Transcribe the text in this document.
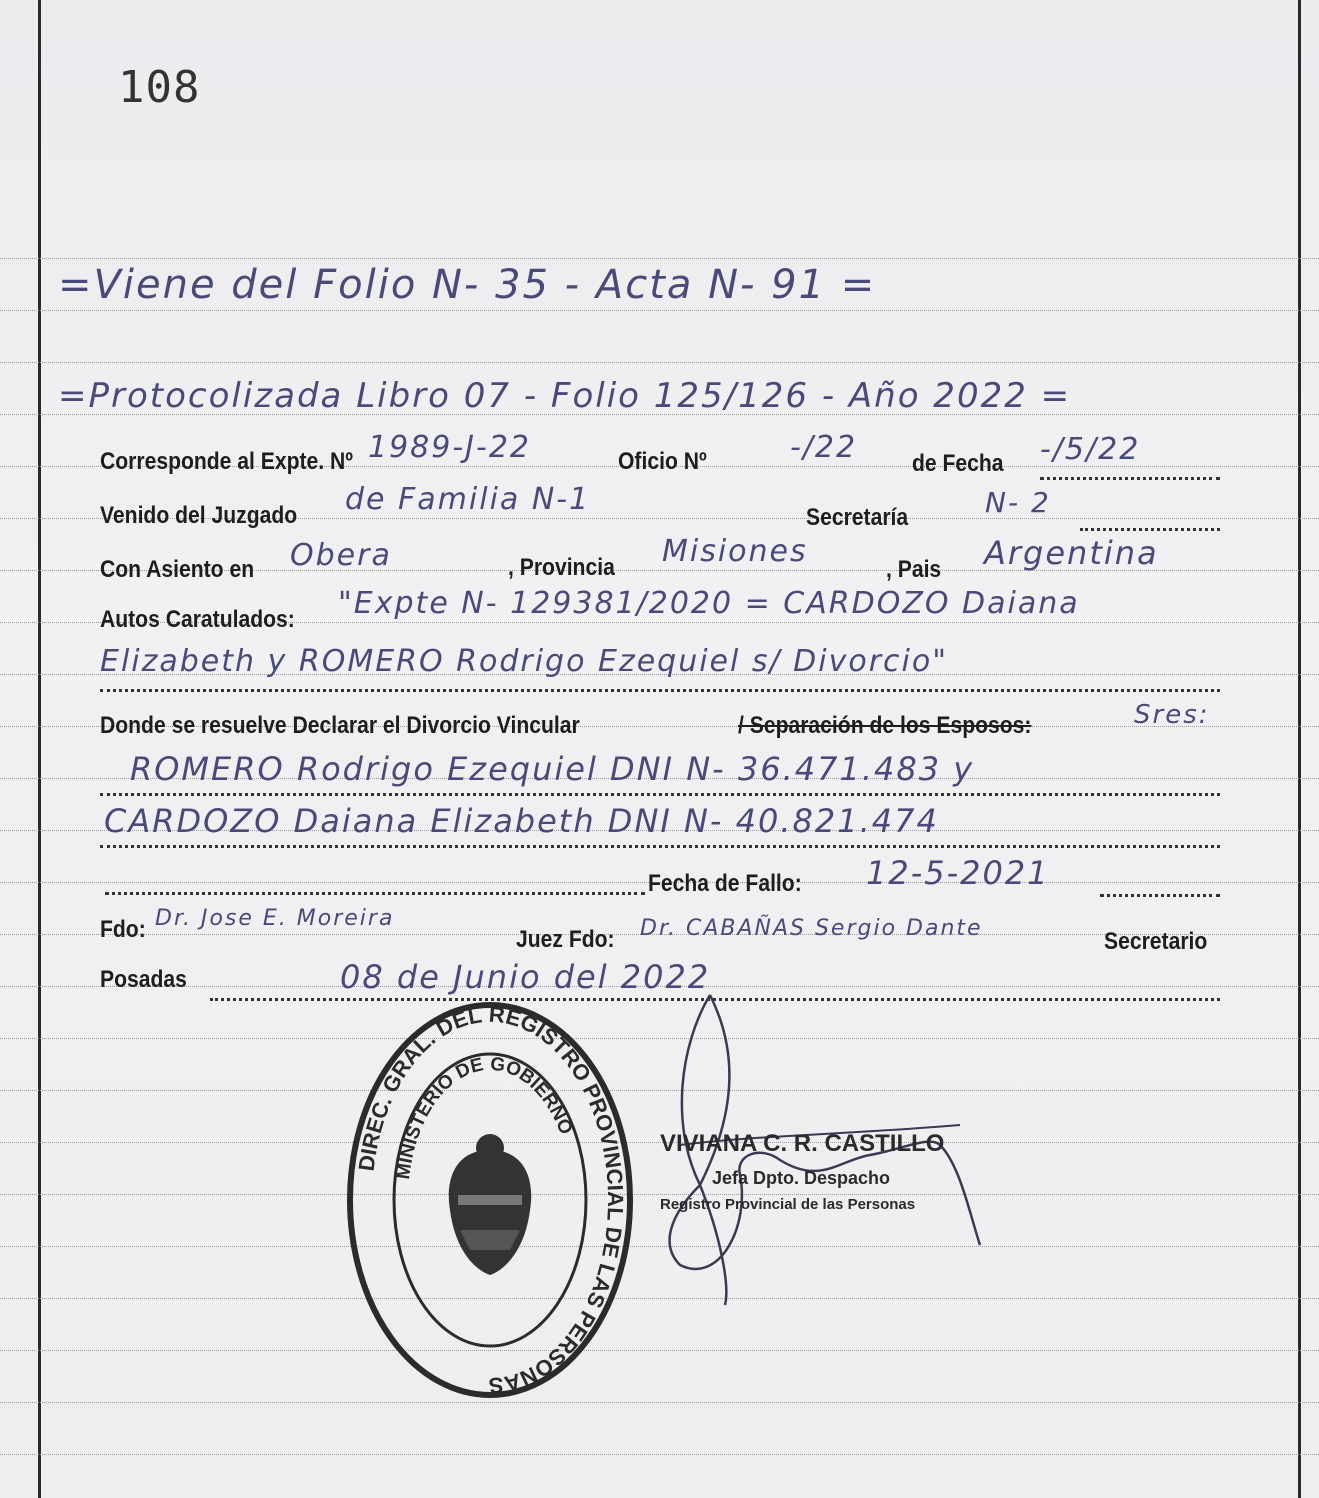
108
=Viene del Folio N- 35 - Acta N- 91 =
=Protocolizada Libro 07 - Folio 125/126 - Año 2022 =
Corresponde al Expte. Nº 1989-J-22	Oficio Nº	-/22 de Fecha -/5/22
Venido del Juzgado de Familia N-1
Secretaría	N- 2
Con Asiento en Obera	, Provincia Misiones
, Pais Argentina
Autos Caratulados: "Expte N- 129381/2020 = CARDOZO Daiana
Elizabeth y ROMERO Rodrigo Ezequiel s/ Divorcio"
Donde se resuelve Declarar el Divorcio Vincular	/ Separación de los Esposos:	Sres:
ROMERO Rodrigo Ezequiel DNI N- 36.471.483 y
CARDOZO Daiana Elizabeth DNI N- 40.821.474
Fecha de Fallo: 12-5-2021
Fdo: Dr. Jose E. Moreira
Juez Fdo: Dr. CABAÑAS Sergio Dante	Secretario
Posadas	08 de Junio del 2022
DIREC. GRAL. DEL REGISTRO PROVINCIAL DE LAS PERSONAS
MINISTERIO DE GOBIERNO
VIVIANA C. R. CASTILLO
Jefa Dpto. Despacho
Registro Provincial de las Personas
